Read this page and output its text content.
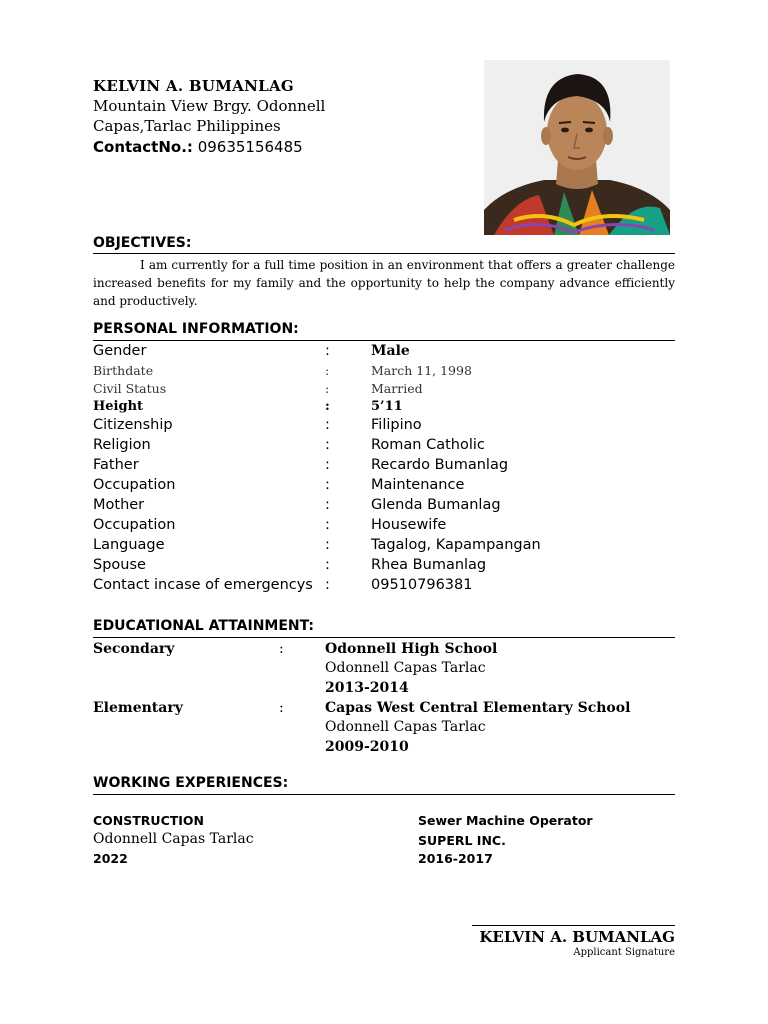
KELVIN A. BUMANLAG
Mountain View Brgy. Odonnell
Capas,Tarlac Philippines
ContactNo.: 09635156485
OBJECTIVES:
I am currently for a full time position in an environment that offers a greater challenge increased benefits for my family and the opportunity to help the company advance efficiently and productively.
PERSONAL INFORMATION:
Gender	:	Male
Birthdate	:	March 11, 1998
Civil Status	:	Married
Height	:	5’11
Citizenship	:	Filipino
Religion	:	Roman Catholic
Father	:	Recardo Bumanlag
Occupation	:	Maintenance
Mother	:	Glenda Bumanlag
Occupation	:	Housewife
Language	:	Tagalog, Kapampangan
Spouse	:	Rhea Bumanlag
Contact incase of emergencys :	09510796381
EDUCATIONAL ATTAINMENT:
Secondary	:	Odonnell High School
Odonnell Capas Tarlac
2013-2014
Elementary	:	Capas West Central Elementary School
Odonnell Capas Tarlac
2009-2010
WORKING EXPERIENCES:
CONSTRUCTION
Odonnell Capas Tarlac
2022
Sewer Machine Operator
SUPERL INC.
2016-2017
KELVIN A. BUMANLAG
Applicant Signature
